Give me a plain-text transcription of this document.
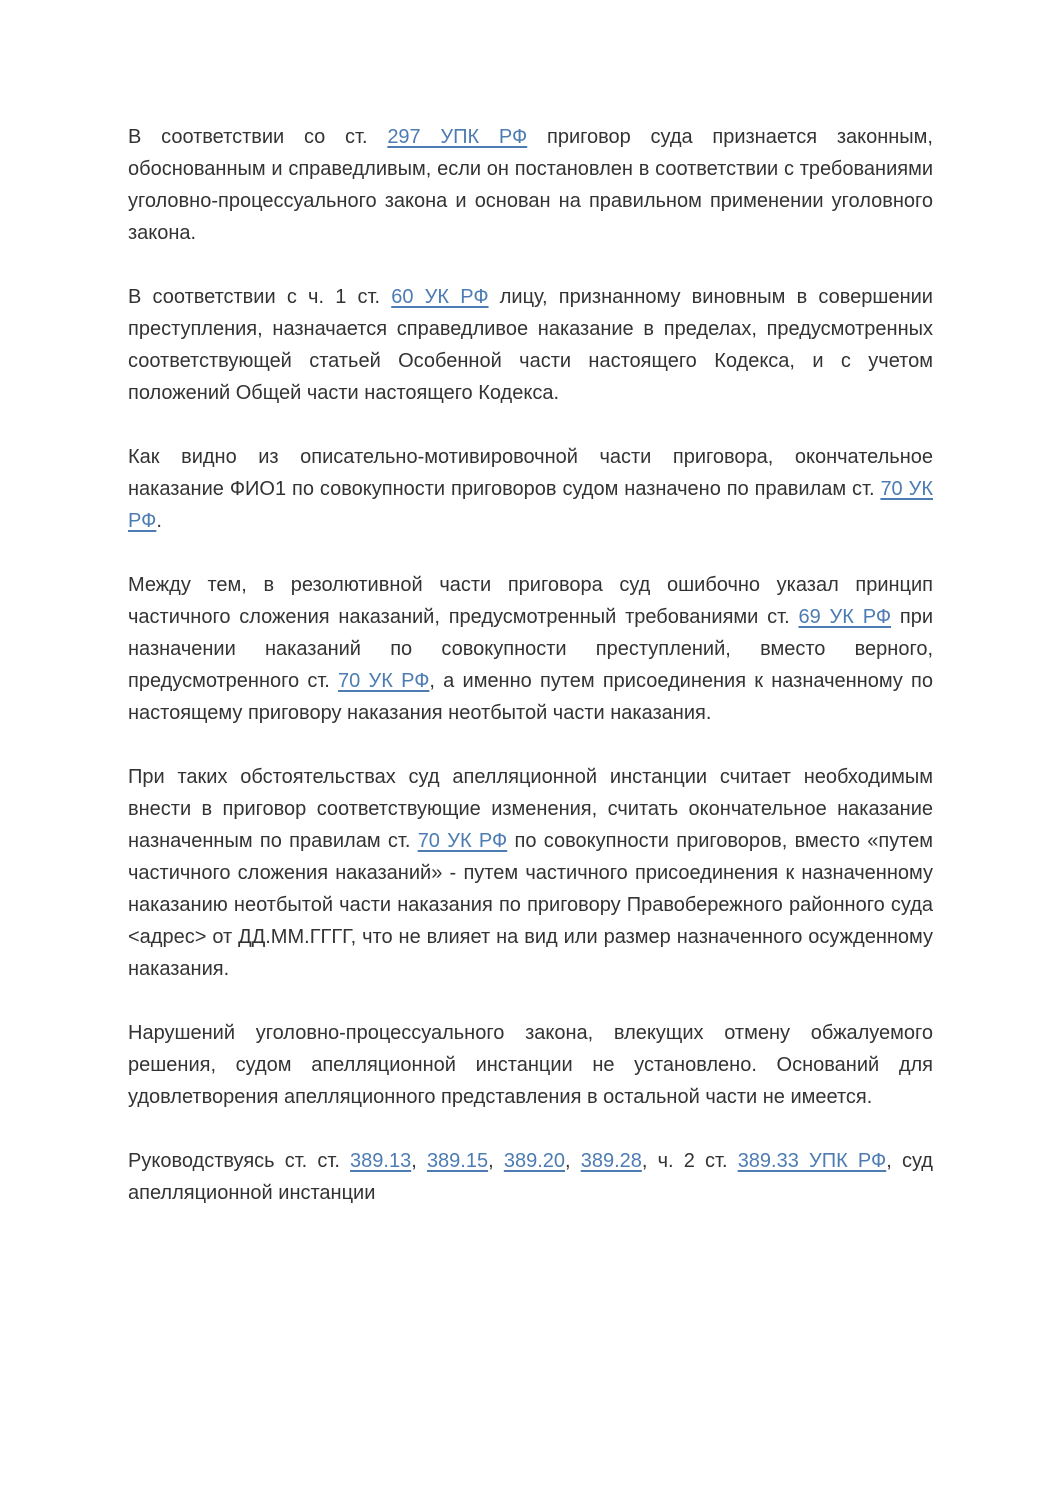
В соответствии со ст. 297 УПК РФ приговор суда признается законным, обоснованным и справедливым, если он постановлен в соответствии с требованиями уголовно-процессуального закона и основан на правильном применении уголовного закона.

В соответствии с ч. 1 ст. 60 УК РФ лицу, признанному виновным в совершении преступления, назначается справедливое наказание в пределах, предусмотренных соответствующей статьей Особенной части настоящего Кодекса, и с учетом положений Общей части настоящего Кодекса.

Как видно из описательно-мотивировочной части приговора, окончательное наказание ФИО1 по совокупности приговоров судом назначено по правилам ст. 70 УК РФ.

Между тем, в резолютивной части приговора суд ошибочно указал принцип частичного сложения наказаний, предусмотренный требованиями ст. 69 УК РФ при назначении наказаний по совокупности преступлений, вместо верного, предусмотренного ст. 70 УК РФ, а именно путем присоединения к назначенному по настоящему приговору наказания неотбытой части наказания.

При таких обстоятельствах суд апелляционной инстанции считает необходимым внести в приговор соответствующие изменения, считать окончательное наказание назначенным по правилам ст. 70 УК РФ по совокупности приговоров, вместо «путем частичного сложения наказаний» - путем частичного присоединения к назначенному наказанию неотбытой части наказания по приговору Правобережного районного суда <адрес> от ДД.ММ.ГГГГ, что не влияет на вид или размер назначенного осужденному наказания.

Нарушений уголовно-процессуального закона, влекущих отмену обжалуемого решения, судом апелляционной инстанции не установлено. Оснований для удовлетворения апелляционного представления в остальной части не имеется.

Руководствуясь ст. ст. 389.13, 389.15, 389.20, 389.28, ч. 2 ст. 389.33 УПК РФ, суд апелляционной инстанции
